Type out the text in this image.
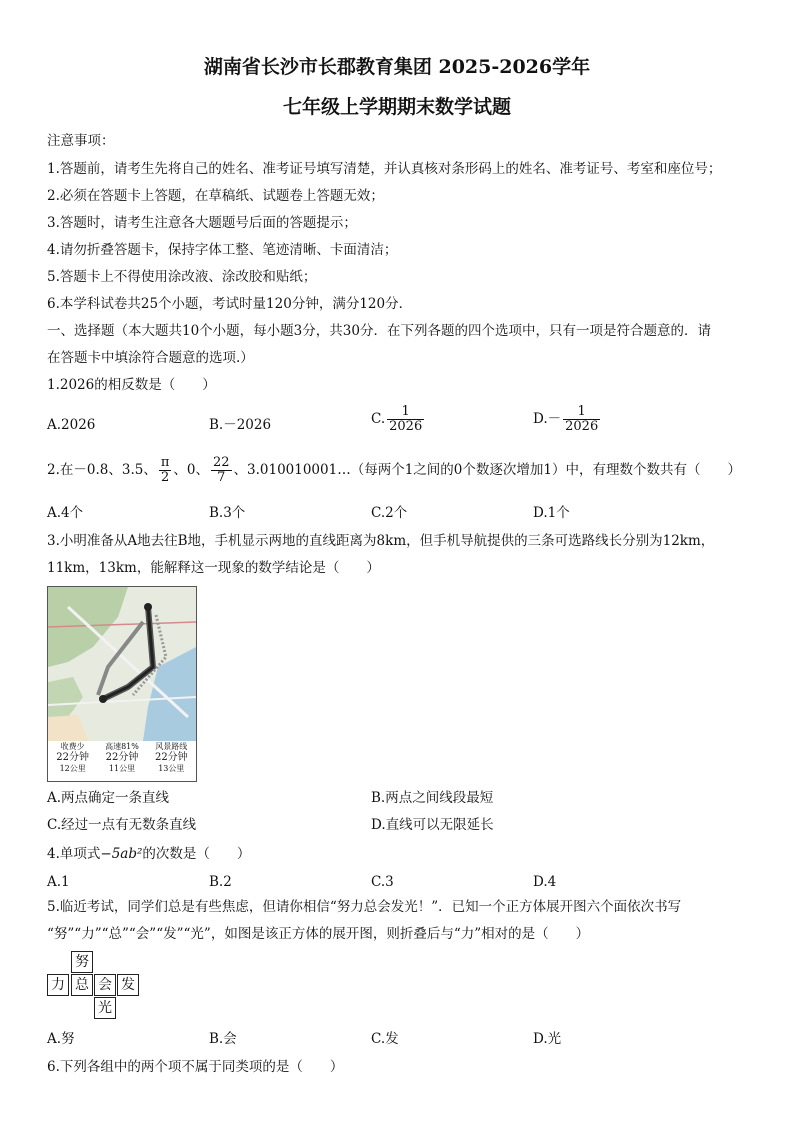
湖南省长沙市长郡教育集团 2025-2026学年
七年级上学期期末数学试题
注意事项：
1.答题前，请考生先将自己的姓名、准考证号填写清楚，并认真核对条形码上的姓名、准考证号、考室和座位号；
2.必须在答题卡上答题，在草稿纸、试题卷上答题无效；
3.答题时，请考生注意各大题题号后面的答题提示；
4.请勿折叠答题卡，保持字体工整、笔迹清晰、卡面清洁；
5.答题卡上不得使用涂改液、涂改胶和贴纸；
6.本学科试卷共25个小题，考试时量120分钟，满分120分．
一、选择题（本大题共10个小题，每小题3分，共30分．在下列各题的四个选项中，只有一项是符合题意的．请
在答题卡中填涂符合题意的选项.）
1.2026的相反数是（　　）
A.2026	B.－2026	C. $\frac{1}{2026}$	$D.- \frac{1}{2026}$
2.在－0.8、3.5、 $\frac{\pi}{2}$ 、0、 $\frac{22}{7}$ 、3.010010001…（每两个1之间的0个数逐次增加1）中，有理数个数共有（　　）
A.4个	B.3个	C.2个	D.1个
3.小明准备从A地去往B地，手机显示两地的直线距离为8km，但手机导航提供的三条可选路线长分别为12km，
11km，13km，能解释这一现象的数学结论是（　　）
收费少
22分钟
12公里
高速81%
22分钟
11公里
风景路线
22分钟
13公里
A.两点确定一条直线	B.两点之间线段最短
C.经过一点有无数条直线	D.直线可以无限延长
4.单项式−5ab²的次数是（　　）
A.1	B.2	C.3	D.4
5.临近考试，同学们总是有些焦虑，但请你相信“努力总会发光！”．已知一个正方体展开图六个面依次书写
“努”“力”“总”“会”“发”“光”，如图是该正方体的展开图，则折叠后与“力”相对的是（　　）
努
力 总 会 发
光
A.努	B.会	C.发	D.光
6.下列各组中的两个项不属于同类项的是（　　）
